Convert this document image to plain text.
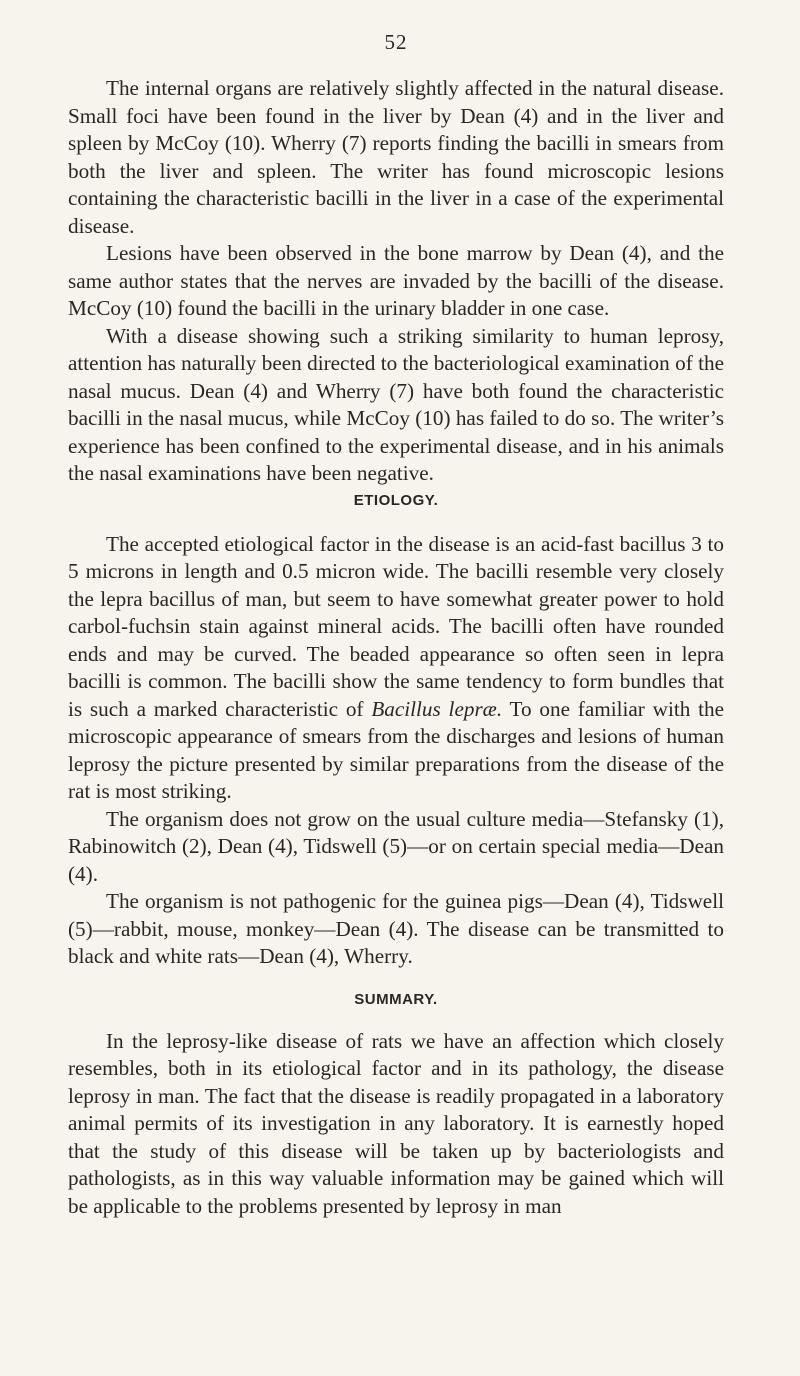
52

The internal organs are relatively slightly affected in the natural disease. Small foci have been found in the liver by Dean (4) and in the liver and spleen by McCoy (10). Wherry (7) reports finding the bacilli in smears from both the liver and spleen. The writer has found microscopic lesions containing the characteristic bacilli in the liver in a case of the experimental disease.

Lesions have been observed in the bone marrow by Dean (4), and the same author states that the nerves are invaded by the bacilli of the disease. McCoy (10) found the bacilli in the urinary bladder in one case.

With a disease showing such a striking similarity to human leprosy, attention has naturally been directed to the bacteriological examination of the nasal mucus. Dean (4) and Wherry (7) have both found the characteristic bacilli in the nasal mucus, while McCoy (10) has failed to do so. The writer’s experience has been confined to the experimental disease, and in his animals the nasal examinations have been negative.

ETIOLOGY.

The accepted etiological factor in the disease is an acid-fast bacillus 3 to 5 microns in length and 0.5 micron wide. The bacilli resemble very closely the lepra bacillus of man, but seem to have somewhat greater power to hold carbol-fuchsin stain against mineral acids. The bacilli often have rounded ends and may be curved. The beaded appearance so often seen in lepra bacilli is common. The bacilli show the same tendency to form bundles that is such a marked characteristic of Bacillus lepræ. To one familiar with the microscopic appearance of smears from the discharges and lesions of human leprosy the picture presented by similar preparations from the disease of the rat is most striking.

The organism does not grow on the usual culture media—Stefansky (1), Rabinowitch (2), Dean (4), Tidswell (5)—or on certain special media—Dean (4).

The organism is not pathogenic for the guinea pigs—Dean (4), Tidswell (5)—rabbit, mouse, monkey—Dean (4). The disease can be transmitted to black and white rats—Dean (4), Wherry.

SUMMARY.

In the leprosy-like disease of rats we have an affection which closely resembles, both in its etiological factor and in its pathology, the disease leprosy in man. The fact that the disease is readily propagated in a laboratory animal permits of its investigation in any laboratory. It is earnestly hoped that the study of this disease will be taken up by bacteriologists and pathologists, as in this way valuable information may be gained which will be applicable to the problems presented by leprosy in man
